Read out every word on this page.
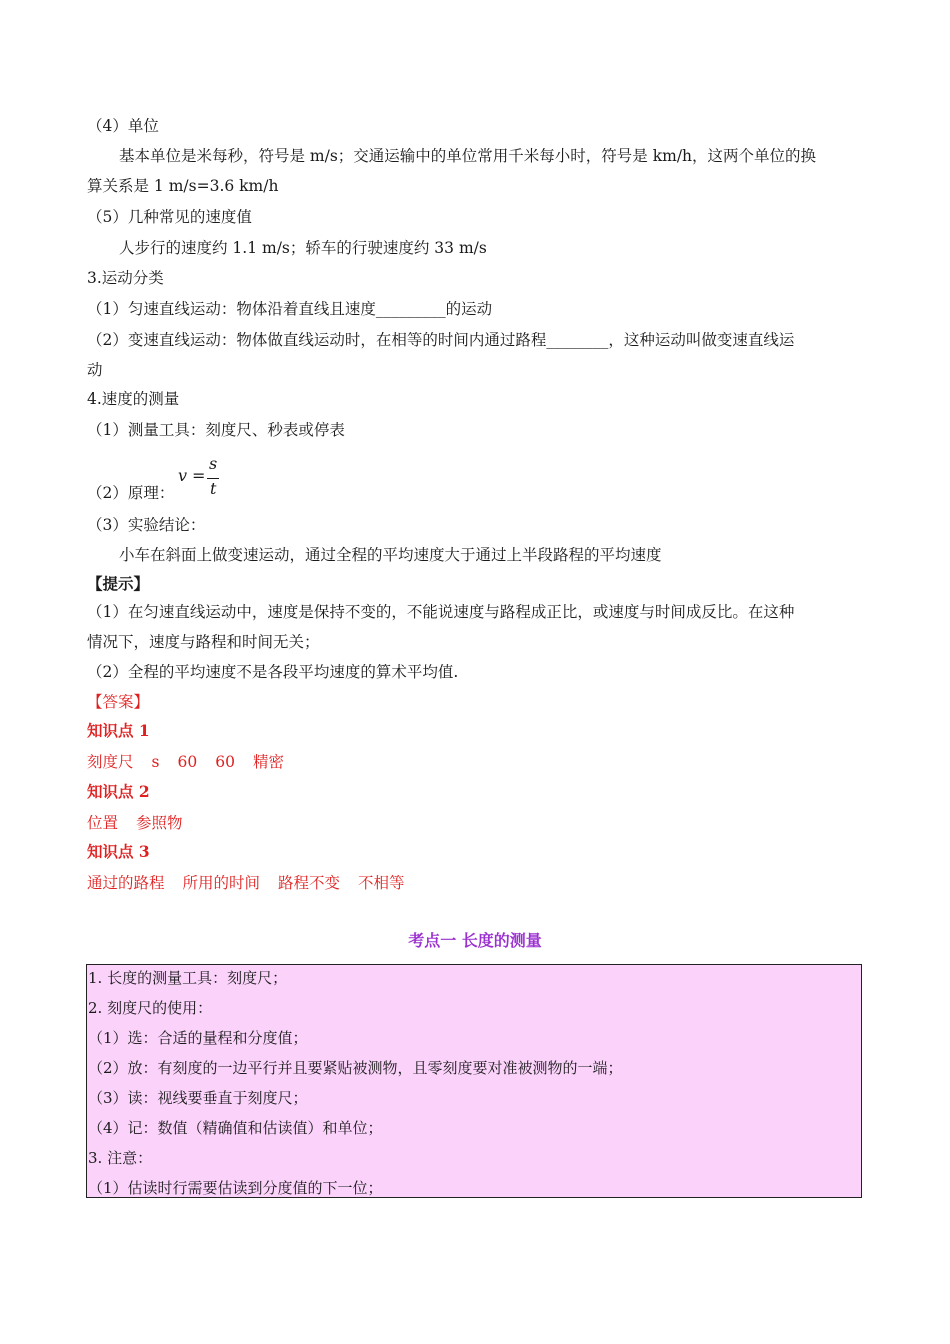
（4）单位
基本单位是米每秒，符号是 m/s；交通运输中的单位常用千米每小时，符号是 km/h，这两个单位的换
算关系是 1 m/s=3.6 km/h
（5）几种常见的速度值
人步行的速度约 1.1 m/s；轿车的行驶速度约 33 m/s
3.运动分类
（1）匀速直线运动：物体沿着直线且速度_________的运动
（2）变速直线运动：物体做直线运动时，在相等的时间内通过路程________，这种运动叫做变速直线运
动
4.速度的测量
（1）测量工具：刻度尺、秒表或停表
v =
s
t
（2）原理：
（3）实验结论：
小车在斜面上做变速运动，通过全程的平均速度大于通过上半段路程的平均速度
【提示】
（1）在匀速直线运动中，速度是保持不变的，不能说速度与路程成正比，或速度与时间成反比。在这种
情况下，速度与路程和时间无关；
（2）全程的平均速度不是各段平均速度的算术平均值.
【答案】
知识点 1
刻度尺 s 60 60 精密
知识点 2
位置 参照物
知识点 3
通过的路程 所用的时间 路程不变 不相等
考点一 长度的测量
1. 长度的测量工具：刻度尺；
2. 刻度尺的使用：
（1）选：合适的量程和分度值；
（2）放：有刻度的一边平行并且要紧贴被测物，且零刻度要对准被测物的一端；
（3）读：视线要垂直于刻度尺；
（4）记：数值（精确值和估读值）和单位；
3. 注意：
（1）估读时行需要估读到分度值的下一位；
